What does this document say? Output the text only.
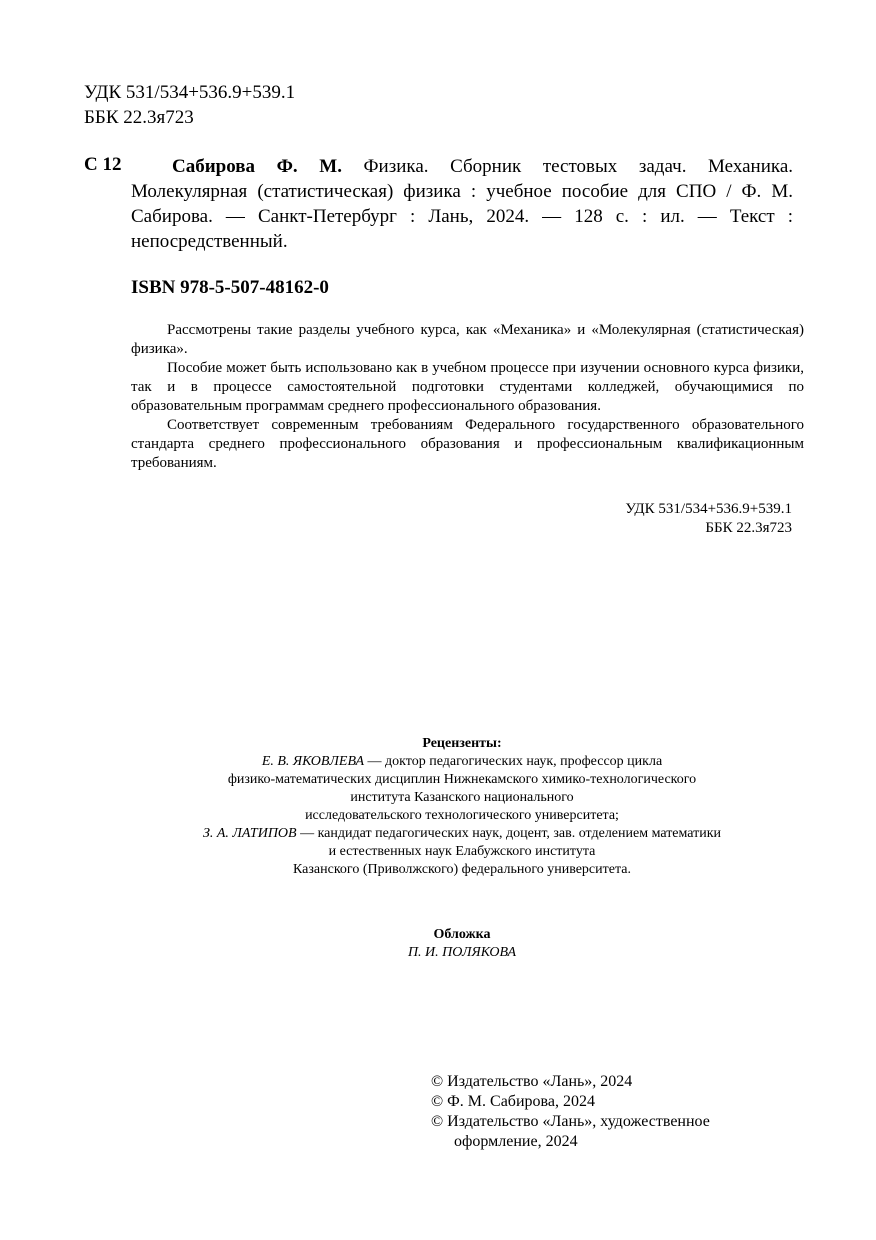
УДК 531/534+536.9+539.1
ББК 22.3я723
С 12	Сабирова Ф. М. Физика. Сборник тестовых задач. Механика. Молекулярная (статистическая) физика : учебное пособие для СПО / Ф. М. Сабирова. — Санкт-Петербург : Лань, 2024. — 128 с. : ил. — Текст : непосредственный.
ISBN 978-5-507-48162-0

Рассмотрены такие разделы учебного курса, как «Механика» и «Молекулярная (статистическая) физика».

Пособие может быть использовано как в учебном процессе при изучении основного курса физики, так и в процессе самостоятельной подготовки студентами колледжей, обучающимися по образовательным программам среднего профессионального образования.

Соответствует современным требованиям Федерального государственного образовательного стандарта среднего профессионального образования и профессиональным квалификационным требованиям.

УДК 531/534+536.9+539.1
ББК 22.3я723
Рецензенты:
Е. В. ЯКОВЛЕВА — доктор педагогических наук, профессор цикла
физико-математических дисциплин Нижнекамского химико-технологического
института Казанского национального
исследовательского технологического университета;
З. А. ЛАТИПОВ — кандидат педагогических наук, доцент, зав. отделением математики
и естественных наук Елабужского института
Казанского (Приволжского) федерального университета.
Обложка
П. И. ПОЛЯКОВА
© Издательство «Лань», 2024
© Ф. М. Сабирова, 2024
© Издательство «Лань», художественное
оформление, 2024
